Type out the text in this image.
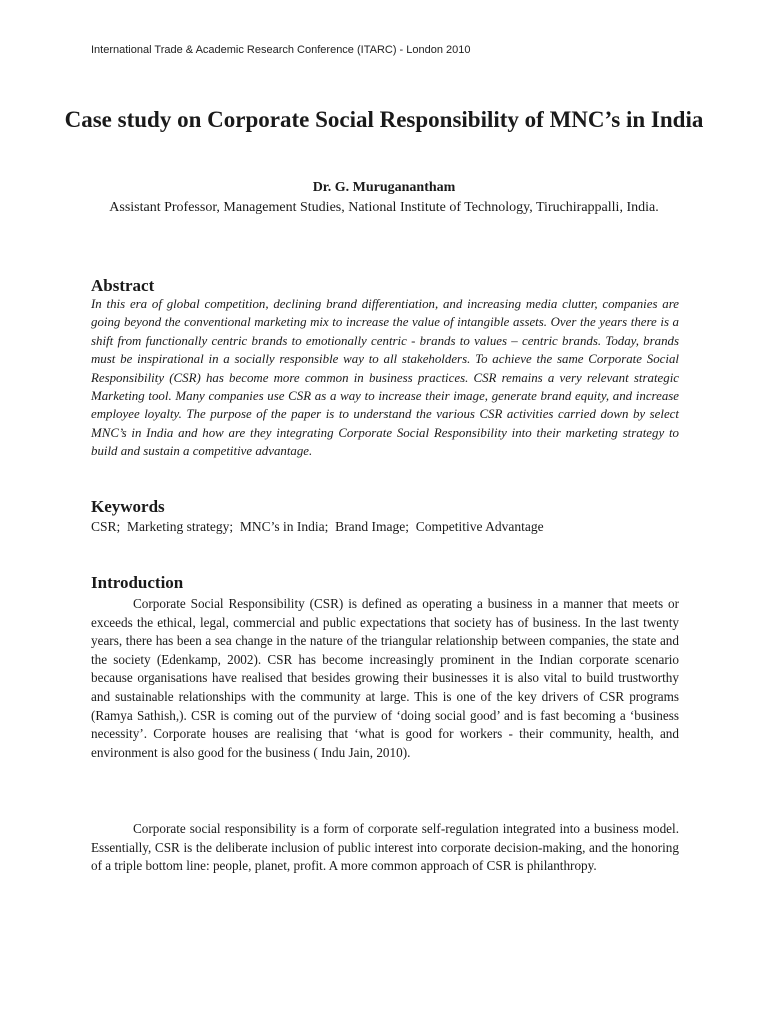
International Trade & Academic Research Conference (ITARC) - London 2010
Case study on Corporate Social Responsibility of MNC’s in India
Dr. G. Muruganantham
Assistant Professor, Management Studies, National Institute of Technology, Tiruchirappalli, India.
Abstract
In this era of global competition, declining brand differentiation, and increasing media clutter, companies are going beyond the conventional marketing mix to increase the value of intangible assets. Over the years there is a shift from functionally centric brands to emotionally centric - brands to values – centric brands. Today, brands must be inspirational in a socially responsible way to all stakeholders. To achieve the same Corporate Social Responsibility (CSR) has become more common in business practices. CSR remains a very relevant strategic Marketing tool. Many companies use CSR as a way to increase their image, generate brand equity, and increase employee loyalty. The purpose of the paper is to understand the various CSR activities carried down by select MNC’s in India and how are they integrating Corporate Social Responsibility into their marketing strategy to build and sustain a competitive advantage.
Keywords
CSR;  Marketing strategy;  MNC’s in India;  Brand Image;  Competitive Advantage
Introduction

Corporate Social Responsibility (CSR) is defined as operating a business in a manner that meets or exceeds the ethical, legal, commercial and public expectations that society has of business. In the last twenty years, there has been a sea change in the nature of the triangular relationship between companies, the state and the society (Edenkamp, 2002). CSR has become increasingly prominent in the Indian corporate scenario because organisations have realised that besides growing their businesses it is also vital to build trustworthy and sustainable relationships with the community at large. This is one of the key drivers of CSR programs (Ramya Sathish,). CSR is coming out of the purview of ‘doing social good’ and is fast becoming a ‘business necessity’. Corporate houses are realising that ‘what is good for workers - their community, health, and environment is also good for the business ( Indu Jain, 2010).

Corporate social responsibility is a form of corporate self-regulation integrated into a business model. Essentially, CSR is the deliberate inclusion of public interest into corporate decision-making, and the honoring of a triple bottom line: people, planet, profit. A more common approach of CSR is philanthropy.
